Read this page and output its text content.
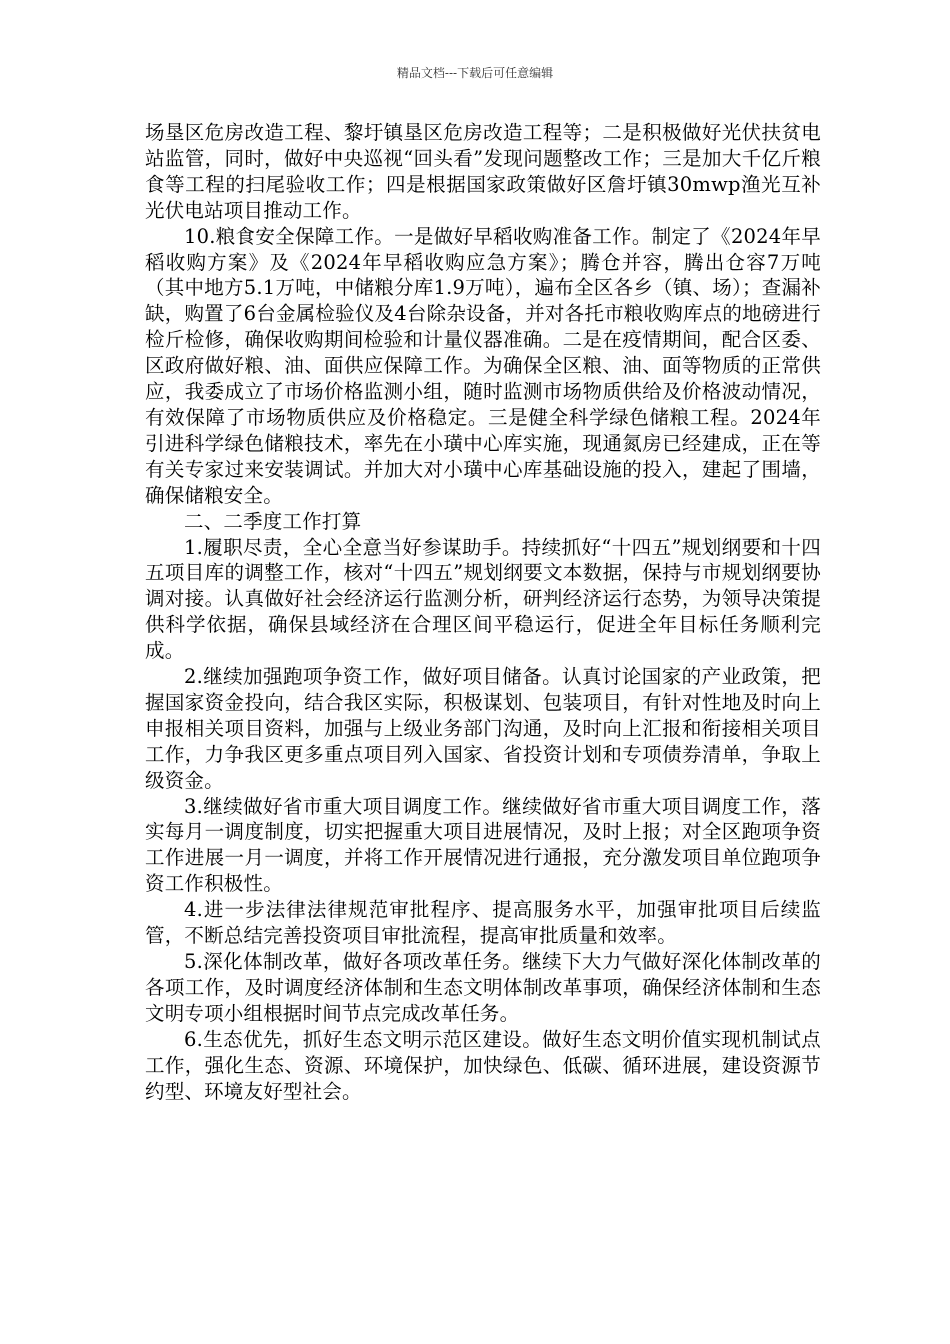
精品文档---下载后可任意编辑

场垦区危房改造工程、黎圩镇垦区危房改造工程等；二是积极做好光伏扶贫电站监管，同时，做好中央巡视“回头看”发现问题整改工作；三是加大千亿斤粮食等工程的扫尾验收工作；四是根据国家政策做好区詹圩镇30mwp渔光互补光伏电站项目推动工作。

10.粮食安全保障工作。一是做好早稻收购准备工作。制定了《2024年早稻收购方案》及《2024年早稻收购应急方案》；腾仓并容，腾出仓容7万吨（其中地方5.1万吨，中储粮分库1.9万吨），遍布全区各乡（镇、场）；查漏补缺，购置了6台金属检验仪及4台除杂设备，并对各托市粮收购库点的地磅进行检斤检修，确保收购期间检验和计量仪器准确。二是在疫情期间，配合区委、区政府做好粮、油、面供应保障工作。为确保全区粮、油、面等物质的正常供应，我委成立了市场价格监测小组，随时监测市场物质供给及价格波动情况，有效保障了市场物质供应及价格稳定。三是健全科学绿色储粮工程。2024年引进科学绿色储粮技术，率先在小璜中心库实施，现通氮房已经建成，正在等有关专家过来安装调试。并加大对小璜中心库基础设施的投入，建起了围墙，确保储粮安全。

二、二季度工作打算

1.履职尽责，全心全意当好参谋助手。持续抓好“十四五”规划纲要和十四五项目库的调整工作，核对“十四五”规划纲要文本数据，保持与市规划纲要协调对接。认真做好社会经济运行监测分析，研判经济运行态势，为领导决策提供科学依据，确保县域经济在合理区间平稳运行，促进全年目标任务顺利完成。

2.继续加强跑项争资工作，做好项目储备。认真讨论国家的产业政策，把握国家资金投向，结合我区实际，积极谋划、包装项目，有针对性地及时向上申报相关项目资料，加强与上级业务部门沟通，及时向上汇报和衔接相关项目工作，力争我区更多重点项目列入国家、省投资计划和专项债券清单，争取上级资金。

3.继续做好省市重大项目调度工作。继续做好省市重大项目调度工作，落实每月一调度制度，切实把握重大项目进展情况，及时上报；对全区跑项争资工作进展一月一调度，并将工作开展情况进行通报，充分激发项目单位跑项争资工作积极性。

4.进一步法律法律规范审批程序、提高服务水平，加强审批项目后续监管，不断总结完善投资项目审批流程，提高审批质量和效率。

5.深化体制改革，做好各项改革任务。继续下大力气做好深化体制改革的各项工作，及时调度经济体制和生态文明体制改革事项，确保经济体制和生态文明专项小组根据时间节点完成改革任务。

6.生态优先，抓好生态文明示范区建设。做好生态文明价值实现机制试点工作，强化生态、资源、环境保护，加快绿色、低碳、循环进展，建设资源节约型、环境友好型社会。
